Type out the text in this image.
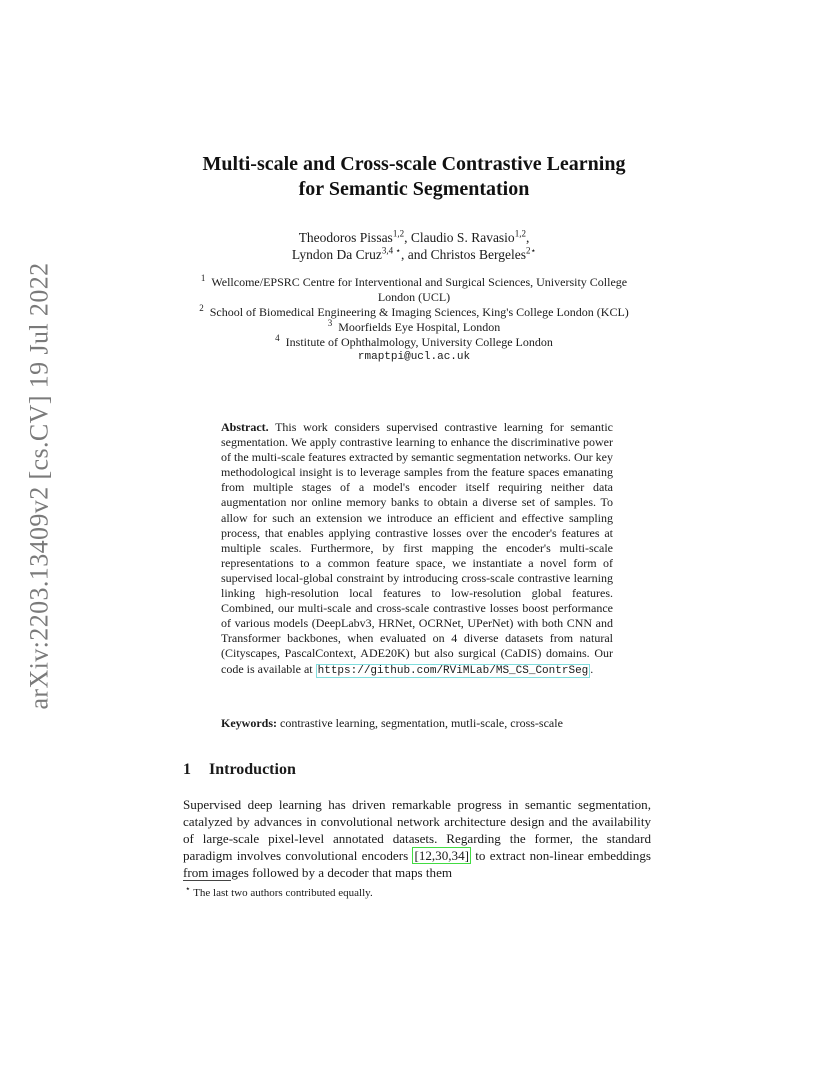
arXiv:2203.13409v2 [cs.CV] 19 Jul 2022
Multi-scale and Cross-scale Contrastive Learning
for Semantic Segmentation
Theodoros Pissas$^{1,2}$, Claudio S. Ravasio$^{1,2}$,
Lyndon Da Cruz$^{3,4 ⋆}$, and Christos Bergeles$^{2⋆}$
$^1$ Wellcome/EPSRC Centre for Interventional and Surgical Sciences, University College London (UCL)
$^2$ School of Biomedical Engineering & Imaging Sciences, King's College London (KCL)
$^3$ Moorfields Eye Hospital, London
$^4$ Institute of Ophthalmology, University College London
rmaptpi@ucl.ac.uk
Abstract. This work considers supervised contrastive learning for semantic segmentation. We apply contrastive learning to enhance the discriminative power of the multi-scale features extracted by semantic segmentation networks. Our key methodological insight is to leverage samples from the feature spaces emanating from multiple stages of a model's encoder itself requiring neither data augmentation nor online memory banks to obtain a diverse set of samples. To allow for such an extension we introduce an efficient and effective sampling process, that enables applying contrastive losses over the encoder's features at multiple scales. Furthermore, by first mapping the encoder's multi-scale representations to a common feature space, we instantiate a novel form of supervised local-global constraint by introducing cross-scale contrastive learning linking high-resolution local features to low-resolution global features. Combined, our multi-scale and cross-scale contrastive losses boost performance of various models (DeepLabv3, HRNet, OCRNet, UPerNet) with both CNN and Transformer backbones, when evaluated on 4 diverse datasets from natural (Cityscapes, PascalContext, ADE20K) but also surgical (CaDIS) domains. Our code is available at https://github.com/RViMLab/MS_CS_ContrSeg .
Keywords: contrastive learning, segmentation, mutli-scale, cross-scale
1 Introduction
Supervised deep learning has driven remarkable progress in semantic segmentation, catalyzed by advances in convolutional network architecture design and the availability of large-scale pixel-level annotated datasets. Regarding the former, the standard paradigm involves convolutional encoders [12,30,34] to extract non-linear embeddings from images followed by a decoder that maps them
⋆ The last two authors contributed equally.
